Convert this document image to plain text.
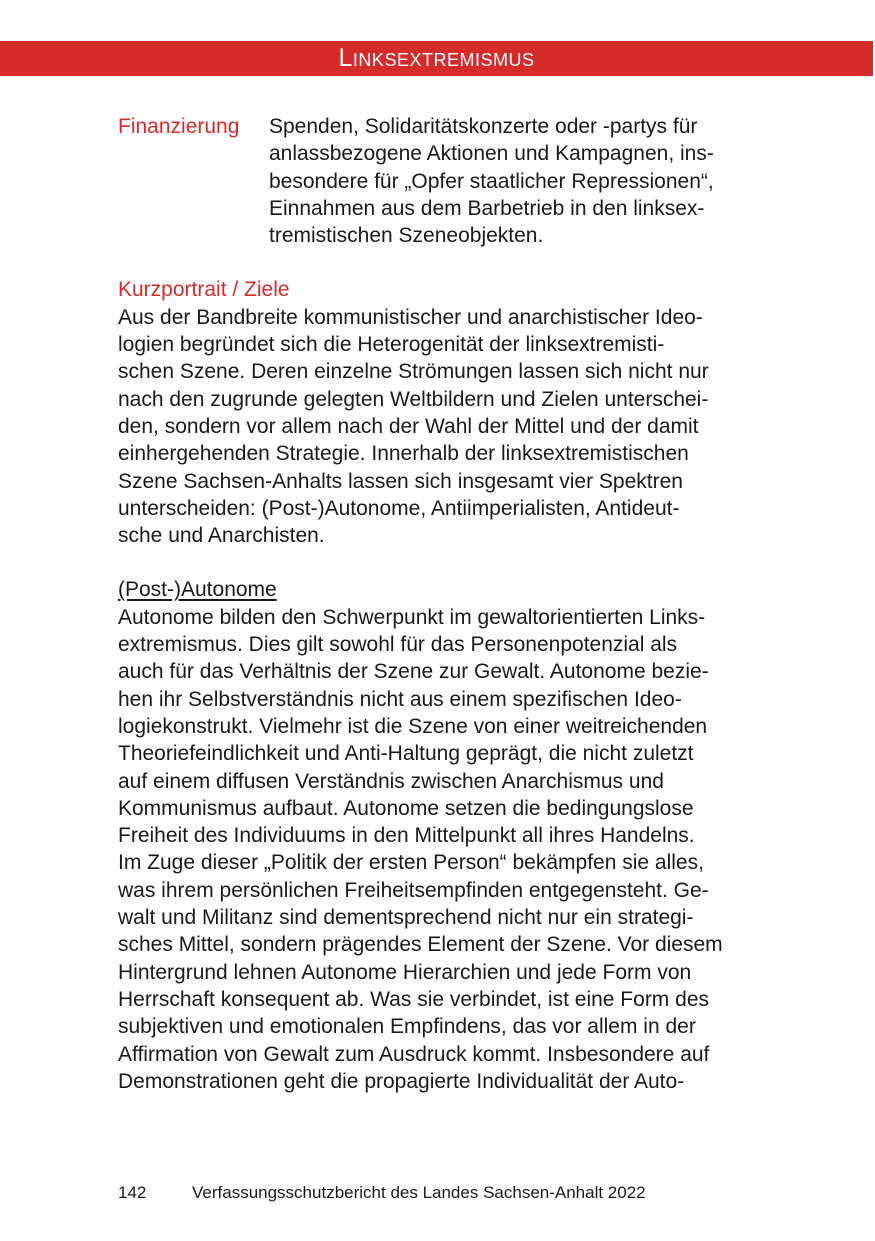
Linksextremismus
Finanzierung	Spenden, Solidaritätskonzerte oder -partys für
anlassbezogene Aktionen und Kampagnen, ins-
besondere für „Opfer staatlicher Repressionen“,
Einnahmen aus dem Barbetrieb in den linksex-
tremistischen Szeneobjekten.
Kurzportrait / Ziele
Aus der Bandbreite kommunistischer und anarchistischer Ideo-
logien begründet sich die Heterogenität der linksextremisti-
schen Szene. Deren einzelne Strömungen lassen sich nicht nur
nach den zugrunde gelegten Weltbildern und Zielen unterschei-
den, sondern vor allem nach der Wahl der Mittel und der damit
einhergehenden Strategie. Innerhalb der linksextremistischen
Szene Sachsen-Anhalts lassen sich insgesamt vier Spektren
unterscheiden: (Post-)Autonome, Antiimperialisten, Antideut-
sche und Anarchisten.
(Post-)Autonome
Autonome bilden den Schwerpunkt im gewaltorientierten Links-
extremismus. Dies gilt sowohl für das Personenpotenzial als
auch für das Verhältnis der Szene zur Gewalt. Autonome bezie-
hen ihr Selbstverständnis nicht aus einem spezifischen Ideo-
logiekonstrukt. Vielmehr ist die Szene von einer weitreichenden
Theoriefeindlichkeit und Anti-Haltung geprägt, die nicht zuletzt
auf einem diffusen Verständnis zwischen Anarchismus und
Kommunismus aufbaut. Autonome setzen die bedingungslose
Freiheit des Individuums in den Mittelpunkt all ihres Handelns.
Im Zuge dieser „Politik der ersten Person“ bekämpfen sie alles,
was ihrem persönlichen Freiheitsempfinden entgegensteht. Ge-
walt und Militanz sind dementsprechend nicht nur ein strategi-
sches Mittel, sondern prägendes Element der Szene. Vor diesem
Hintergrund lehnen Autonome Hierarchien und jede Form von
Herrschaft konsequent ab. Was sie verbindet, ist eine Form des
subjektiven und emotionalen Empfindens, das vor allem in der
Affirmation von Gewalt zum Ausdruck kommt. Insbesondere auf
Demonstrationen geht die propagierte Individualität der Auto-
142	Verfassungsschutzbericht des Landes Sachsen-Anhalt 2022
